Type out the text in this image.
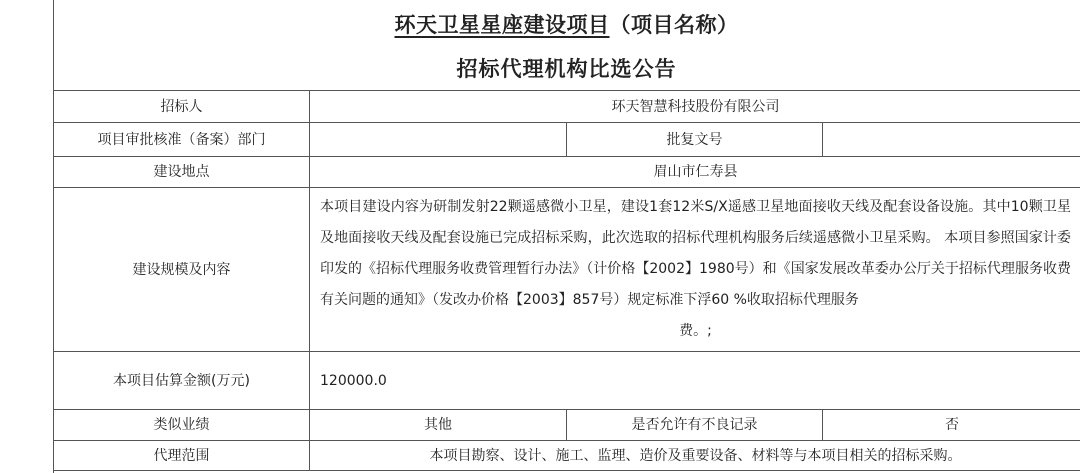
环天卫星星座建设项目（项目名称）
招标代理机构比选公告
招标人	环天智慧科技股份有限公司		
项目审批核准（备案）部门		批复文号	
建设地点	眉山市仁寿县		
建设规模及内容	本项目建设内容为研制发射22颗遥感微小卫星，建设1套12米S/X遥感卫星地面接收天线及配套设备设施。其中10颗卫星及地面接收天线及配套设施已完成招标采购，此次选取的招标代理机构服务后续遥感微小卫星采购。 本项目参照国家计委印发的《招标代理服务收费管理暂行办法》（计价格【2002】1980号）和《国家发展改革委办公厅关于招标代理服务收费有关问题的通知》（发改办价格【2003】857号）规定标准下浮60 %收取招标代理服务
费。;		

本项目估算金额(万元)	120000.0		
类似业绩	其他	是否允许有不良记录	否
代理范围	本项目勘察、设计、施工、监理、造价及重要设备、材料等与本项目相关的招标采购。		
